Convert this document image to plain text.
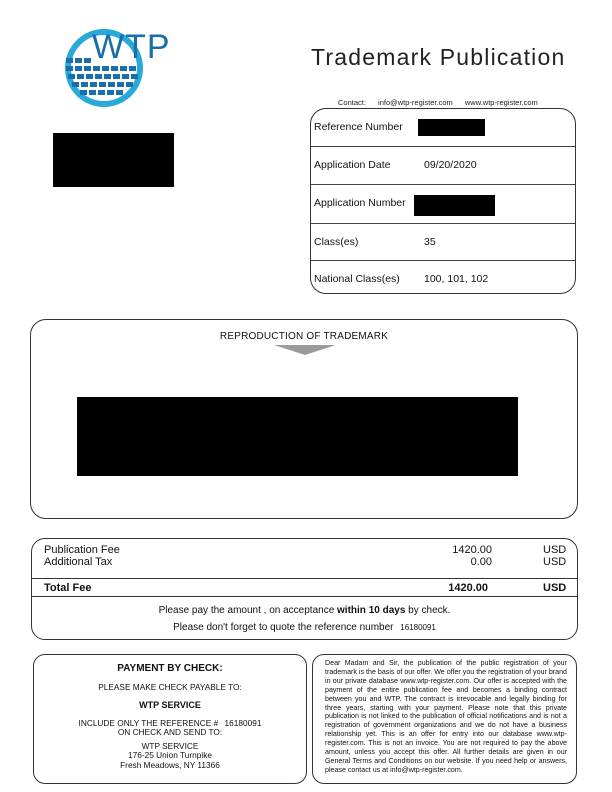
WTP	Trademark Publication
Contact: info@wtp-register.com www.wtp-register.com
Reference Number
Application Date	09/20/2020
Application Number
Class(es)	35
National Class(es) 100, 101, 102
REPRODUCTION OF TRADEMARK
Publication Fee	1420.00	USD
Additional Tax	0.00	USD
Total Fee	1420.00	USD
Please pay the amount , on acceptance within 10 days by check.
Please don't forget to quote the reference number 16180091
PAYMENT BY CHECK:
PLEASE MAKE CHECK PAYABLE TO:
WTP SERVICE
INCLUDE ONLY THE REFERENCE # 16180091
ON CHECK AND SEND TO:
WTP SERVICE
176-25 Union Turnpike
Fresh Meadows, NY 11366
Dear Madam and Sir, the publication of the public registration of your trademark is the basis of our offer. We offer you the registration of your brand in our private database www.wtp-register.com. Our offer is accepted with the payment of the entire publication fee and becomes a binding contract between you and WTP. The contract is irrevocable and legally binding for three years, starting with your payment. Please note that this private publication is not linked to the publication of official notifications and is not a registration of government organizations and we do not have a business relationship yet. This is an offer for entry into our database www.wtp-register.com. This is not an invoice. You are not required to pay the above amount, unless you accept this offer. All further details are given in our General Terms and Conditions on our website. If you need help or answers, please contact us at info@wtp-register.com.
